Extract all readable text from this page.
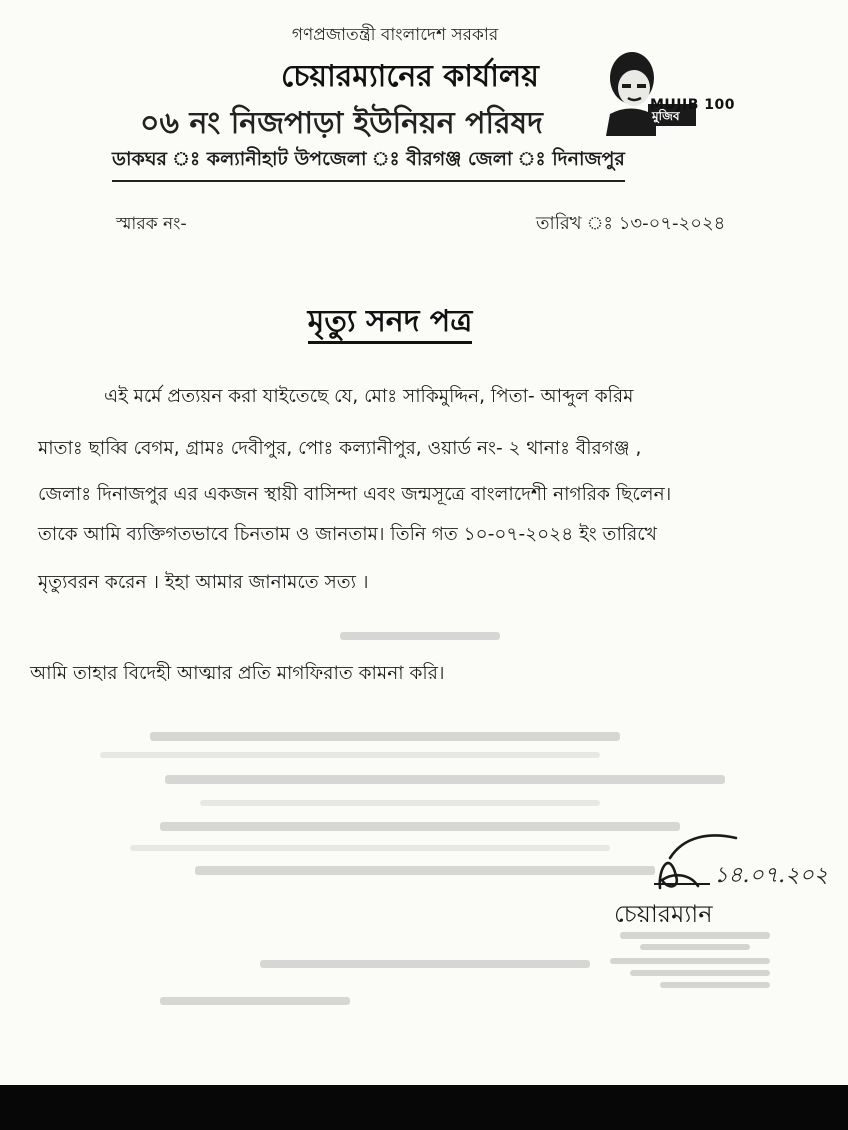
গণপ্রজাতন্ত্রী বাংলাদেশ সরকার
চেয়ারম্যানের কার্যালয়
০৬ নং নিজপাড়া ইউনিয়ন পরিষদ	মুজিব
MUJIB 100
ডাকঘর ঃ কল্যানীহাট উপজেলা ঃ বীরগঞ্জ জেলা ঃ দিনাজপুর
স্মারক নং-	তারিখ ঃ ১৩-০৭-২০২৪
মৃত্যু সনদ পত্র
এই মর্মে প্রত্যয়ন করা যাইতেছে যে, মোঃ সাকিমুদ্দিন, পিতা- আব্দুল করিম
মাতাঃ ছাব্বি বেগম, গ্রামঃ দেবীপুর, পোঃ কল্যানীপুর, ওয়ার্ড নং- ২ থানাঃ বীরগঞ্জ ,
জেলাঃ দিনাজপুর এর একজন স্থায়ী বাসিন্দা এবং জন্মসূত্রে বাংলাদেশী নাগরিক ছিলেন।
তাকে আমি ব্যক্তিগতভাবে চিনতাম ও জানতাম। তিনি গত ১০-০৭-২০২৪ ইং তারিখে
মৃত্যুবরন করেন । ইহা আমার জানামতে সত্য ।
আমি তাহার বিদেহী আত্মার প্রতি মাগফিরাত কামনা করি।
১৪.০৭.২০২
চেয়ারম্যান
